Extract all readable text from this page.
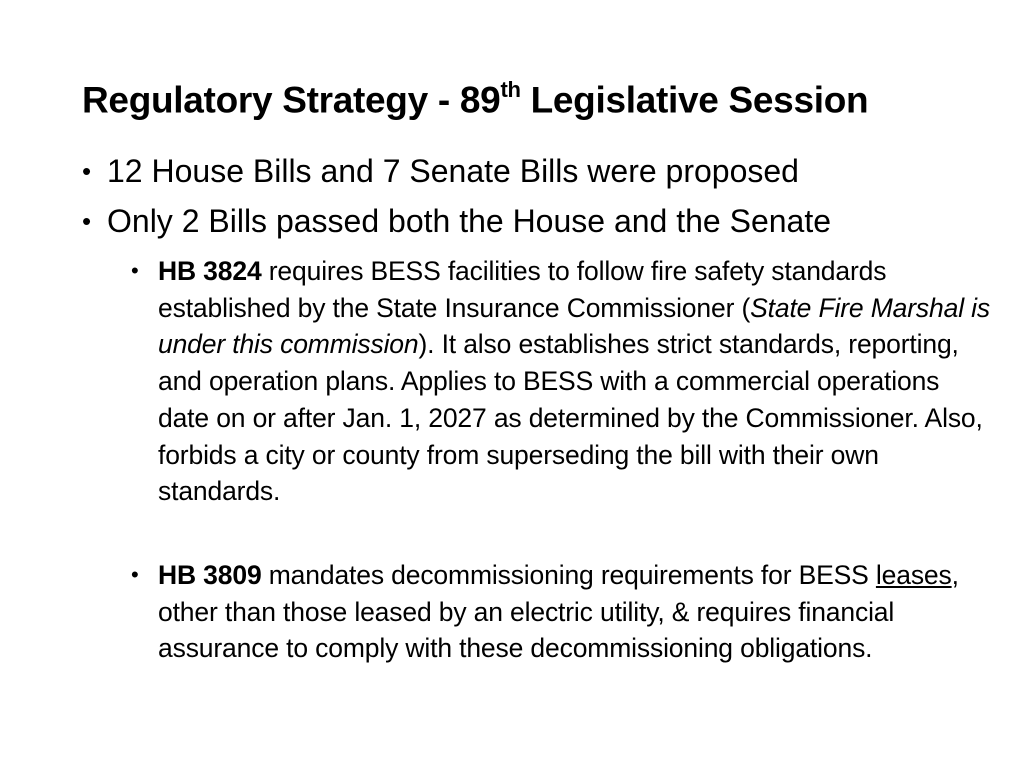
Regulatory Strategy - 89th Legislative Session
• 12 House Bills and 7 Senate Bills were proposed
• Only 2 Bills passed both the House and the Senate
• HB 3824 requires BESS facilities to follow fire safety standards established by the State Insurance Commissioner (State Fire Marshal is under this commission). It also establishes strict standards, reporting, and operation plans. Applies to BESS with a commercial operations date on or after Jan. 1, 2027 as determined by the Commissioner. Also, forbids a city or county from superseding the bill with their own standards.
• HB 3809 mandates decommissioning requirements for BESS leases, other than those leased by an electric utility, & requires financial assurance to comply with these decommissioning obligations.
